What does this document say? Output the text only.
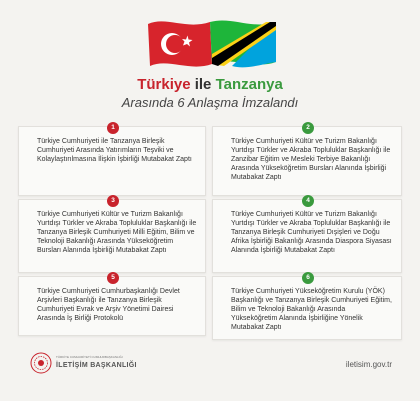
Türkiye ile Tanzanya
Arasında 6 Anlaşma İmzalandı
1
Türkiye Cumhuriyeti ile Tanzanya Birleşik Cumhuriyeti Arasında Yatırımların Teşviki ve Kolaylaştırılmasına İlişkin İşbirliği Mutabakat Zaptı
2
Türkiye Cumhuriyeti Kültür ve Turizm Bakanlığı Yurtdışı Türkler ve Akraba Topluluklar Başkanlığı ile Zanzibar Eğitim ve Mesleki Terbiye Bakanlığı Arasında Yükseköğretim Bursları Alanında İşbirliği Mutabakat Zaptı
3
Türkiye Cumhuriyeti Kültür ve Turizm Bakanlığı Yurtdışı Türkler ve Akraba Topluluklar Başkanlığı ile Tanzanya Birleşik Cumhuriyeti Milli Eğitim, Bilim ve Teknoloji Bakanlığı Arasında Yükseköğretim Bursları Alanında İşbirliği Mutabakat Zaptı
4
Türkiye Cumhuriyeti Kültür ve Turizm Bakanlığı Yurtdışı Türkler ve Akraba Topluluklar Başkanlığı ile Tanzanya Birleşik Cumhuriyeti Dışişleri ve Doğu Afrika İşbirliği Bakanlığı Arasında Diaspora Siyasası Alanında İşbirliği Mutabakat Zaptı
5
Türkiye Cumhuriyeti Cumhurbaşkanlığı Devlet Arşivleri Başkanlığı ile Tanzanya Birleşik Cumhuriyeti Evrak ve Arşiv Yönetimi Dairesi Arasında İş Birliği Protokolü
6
Türkiye Cumhuriyeti Yükseköğretim Kurulu (YÖK) Başkanlığı ve Tanzanya Birleşik Cumhuriyeti Eğitim, Bilim ve Teknoloji Bakanlığı Arasında Yükseköğretim Alanında İşbirliğine Yönelik Mutabakat Zaptı
TÜRKİYE CUMHURİYETİ CUMHURBAŞKANLIĞI
İLETİŞİM BAŞKANLIĞI	iletisim.gov.tr
